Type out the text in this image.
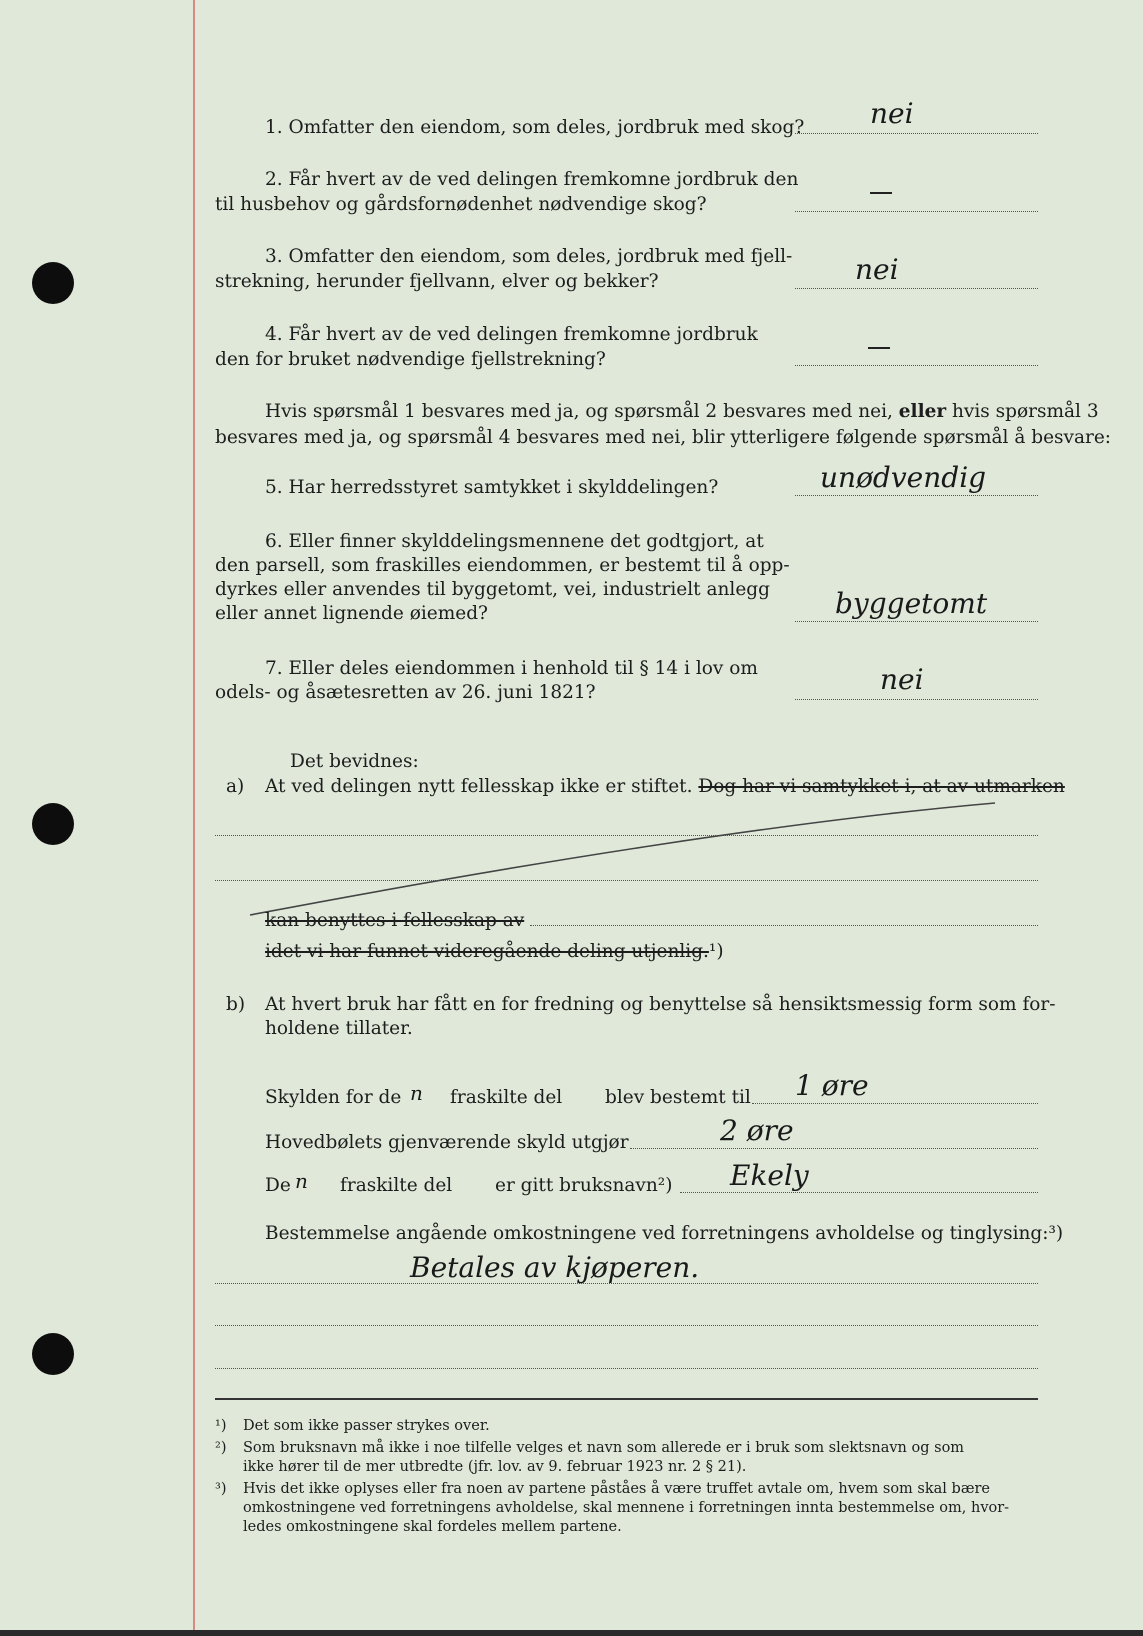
1. Omfatter den eiendom, som deles, jordbruk med skog? nei
2. Får hvert av de ved delingen fremkomne jordbruk den
til husbehov og gårdsfornødenhet nødvendige skog?
3. Omfatter den eiendom, som deles, jordbruk med fjell-
strekning, herunder fjellvann, elver og bekker?	nei
4. Får hvert av de ved delingen fremkomne jordbruk
den for bruket nødvendige fjellstrekning?
Hvis spørsmål 1 besvares med ja, og spørsmål 2 besvares med nei, eller hvis spørsmål 3
besvares med ja, og spørsmål 4 besvares med nei, blir ytterligere følgende spørsmål å besvare:
5. Har herredsstyret samtykket i skylddelingen?	unødvendig
6. Eller finner skylddelingsmennene det godtgjort, at
den parsell, som fraskilles eiendommen, er bestemt til å opp-
dyrkes eller anvendes til byggetomt, vei, industrielt anlegg
eller annet lignende øiemed?	byggetomt
7. Eller deles eiendommen i henhold til § 14 i lov om
odels- og åsætesretten av 26. juni 1821?	nei
Det bevidnes:
a) At ved delingen nytt fellesskap ikke er stiftet. Dog har vi samtykket i, at av utmarken
kan benyttes i fellesskap av
idet vi har funnet videregående deling utjenlig.¹)
b) At hvert bruk har fått en for fredning og benyttelse så hensiktsmessig form som for-
holdene tillater.
Skylden for de n fraskilte del blev bestemt til 1 øre
Hovedbølets gjenværende skyld utgjør	2 øre
De n fraskilte del er gitt bruksnavn²) Ekely
Bestemmelse angående omkostningene ved forretningens avholdelse og tinglysing:³)
Betales av kjøperen.
¹) Det som ikke passer strykes over.
²) Som bruksnavn må ikke i noe tilfelle velges et navn som allerede er i bruk som slektsnavn og som
ikke hører til de mer utbredte (jfr. lov. av 9. februar 1923 nr. 2 § 21).
³) Hvis det ikke oplyses eller fra noen av partene påståes å være truffet avtale om, hvem som skal bære
omkostningene ved forretningens avholdelse, skal mennene i forretningen innta bestemmelse om, hvor-
ledes omkostningene skal fordeles mellem partene.
